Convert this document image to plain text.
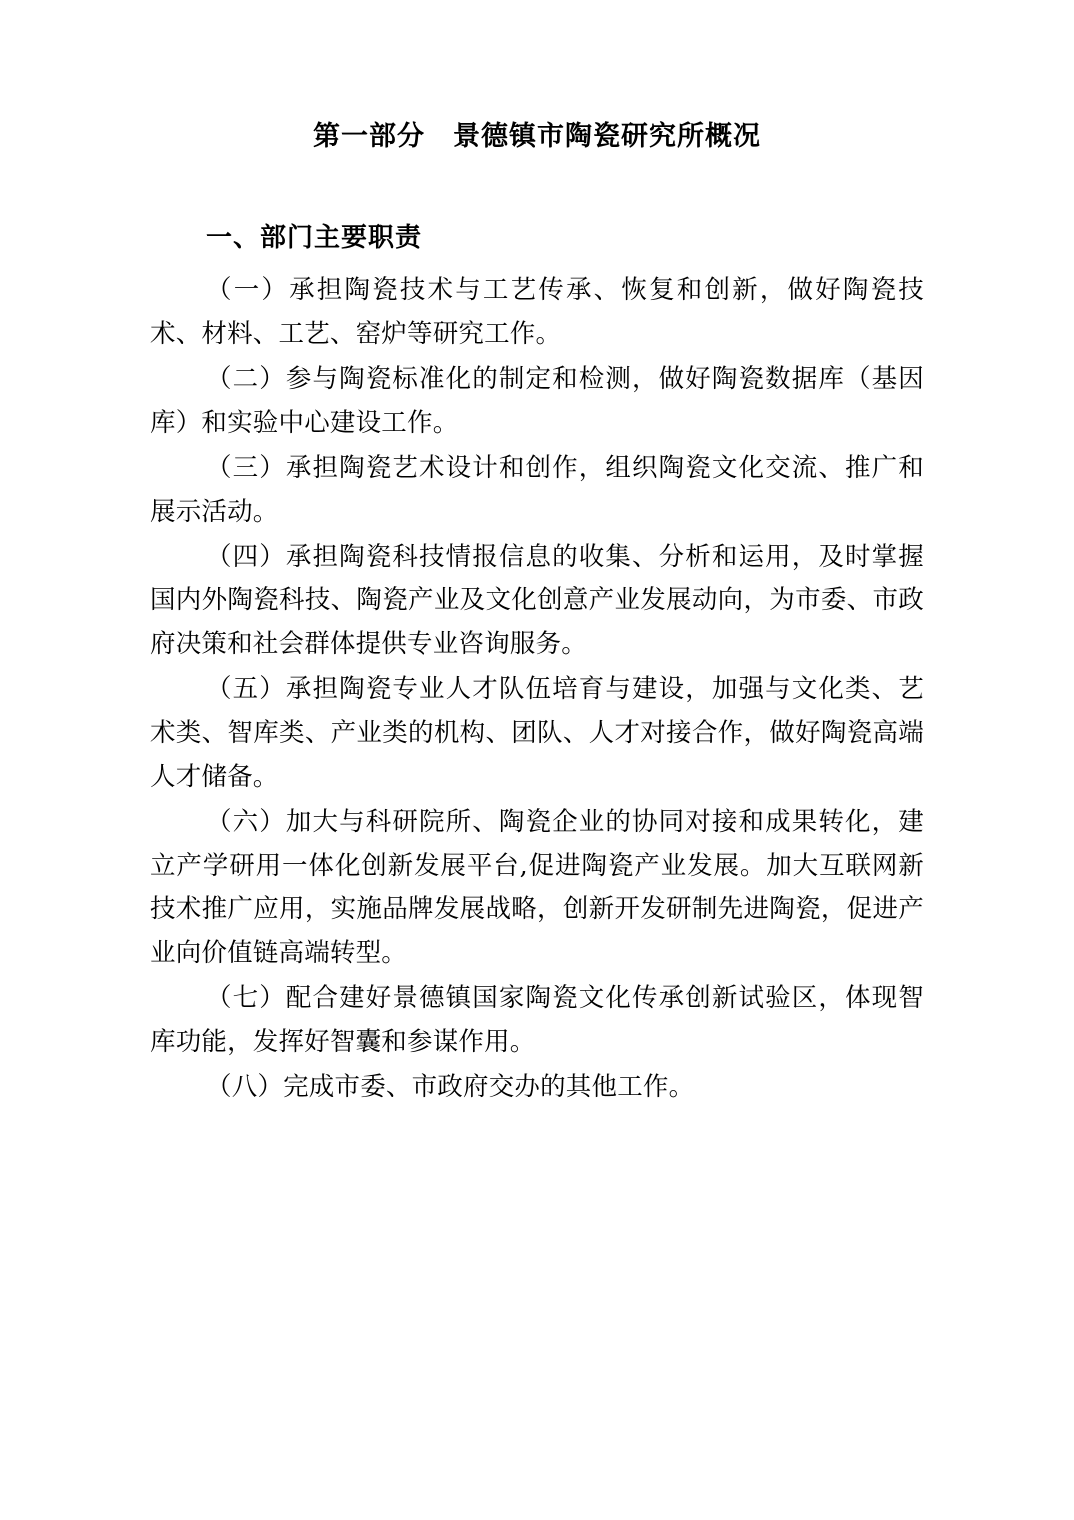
第一部分　景德镇市陶瓷研究所概况
一、部门主要职责

（一）承担陶瓷技术与工艺传承、恢复和创新，做好陶瓷技术、材料、工艺、窑炉等研究工作。

（二）参与陶瓷标准化的制定和检测，做好陶瓷数据库（基因库）和实验中心建设工作。

（三）承担陶瓷艺术设计和创作，组织陶瓷文化交流、推广和展示活动。

（四）承担陶瓷科技情报信息的收集、分析和运用，及时掌握国内外陶瓷科技、陶瓷产业及文化创意产业发展动向，为市委、市政府决策和社会群体提供专业咨询服务。

（五）承担陶瓷专业人才队伍培育与建设，加强与文化类、艺术类、智库类、产业类的机构、团队、人才对接合作，做好陶瓷高端人才储备。

（六）加大与科研院所、陶瓷企业的协同对接和成果转化，建立产学研用一体化创新发展平台,促进陶瓷产业发展。加大互联网新技术推广应用，实施品牌发展战略，创新开发研制先进陶瓷，促进产业向价值链高端转型。

（七）配合建好景德镇国家陶瓷文化传承创新试验区，体现智库功能，发挥好智囊和参谋作用。

（八）完成市委、市政府交办的其他工作。
